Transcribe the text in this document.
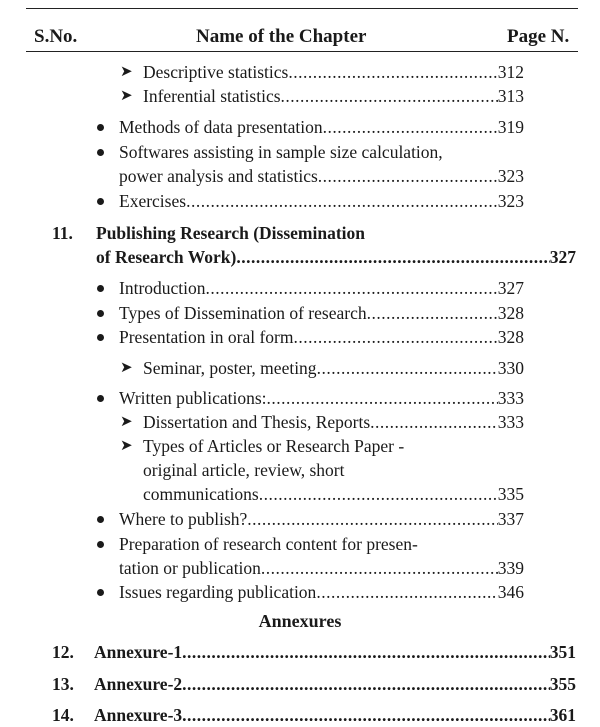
S.No.	Name of the Chapter	Page N.
➤ Descriptive statistics .....	312
➤ Inferential statistics .....	313
Methods of data presentation .....	319
Softwares assisting in sample size calculation,
power analysis and statistics .....	323
Exercises .....	323
11. Publishing Research (Dissemination
of Research Work) .....	327
Introduction .....	327
Types of Dissemination of research .....	328
Presentation in oral form .....	328
➤ Seminar, poster, meeting .....	330
Written publications: .....	333
➤ Dissertation and Thesis, Reports .....	333
➤ Types of Articles or Research Paper -
original article, review, short
communications .....	335
Where to publish? .....	337
Preparation of research content for presen-
tation or publication .....	339
Issues regarding publication .....	346
Annexures
12. Annexure-1 .....	351
13. Annexure-2 .....	355
14. Annexure-3 .....	361
